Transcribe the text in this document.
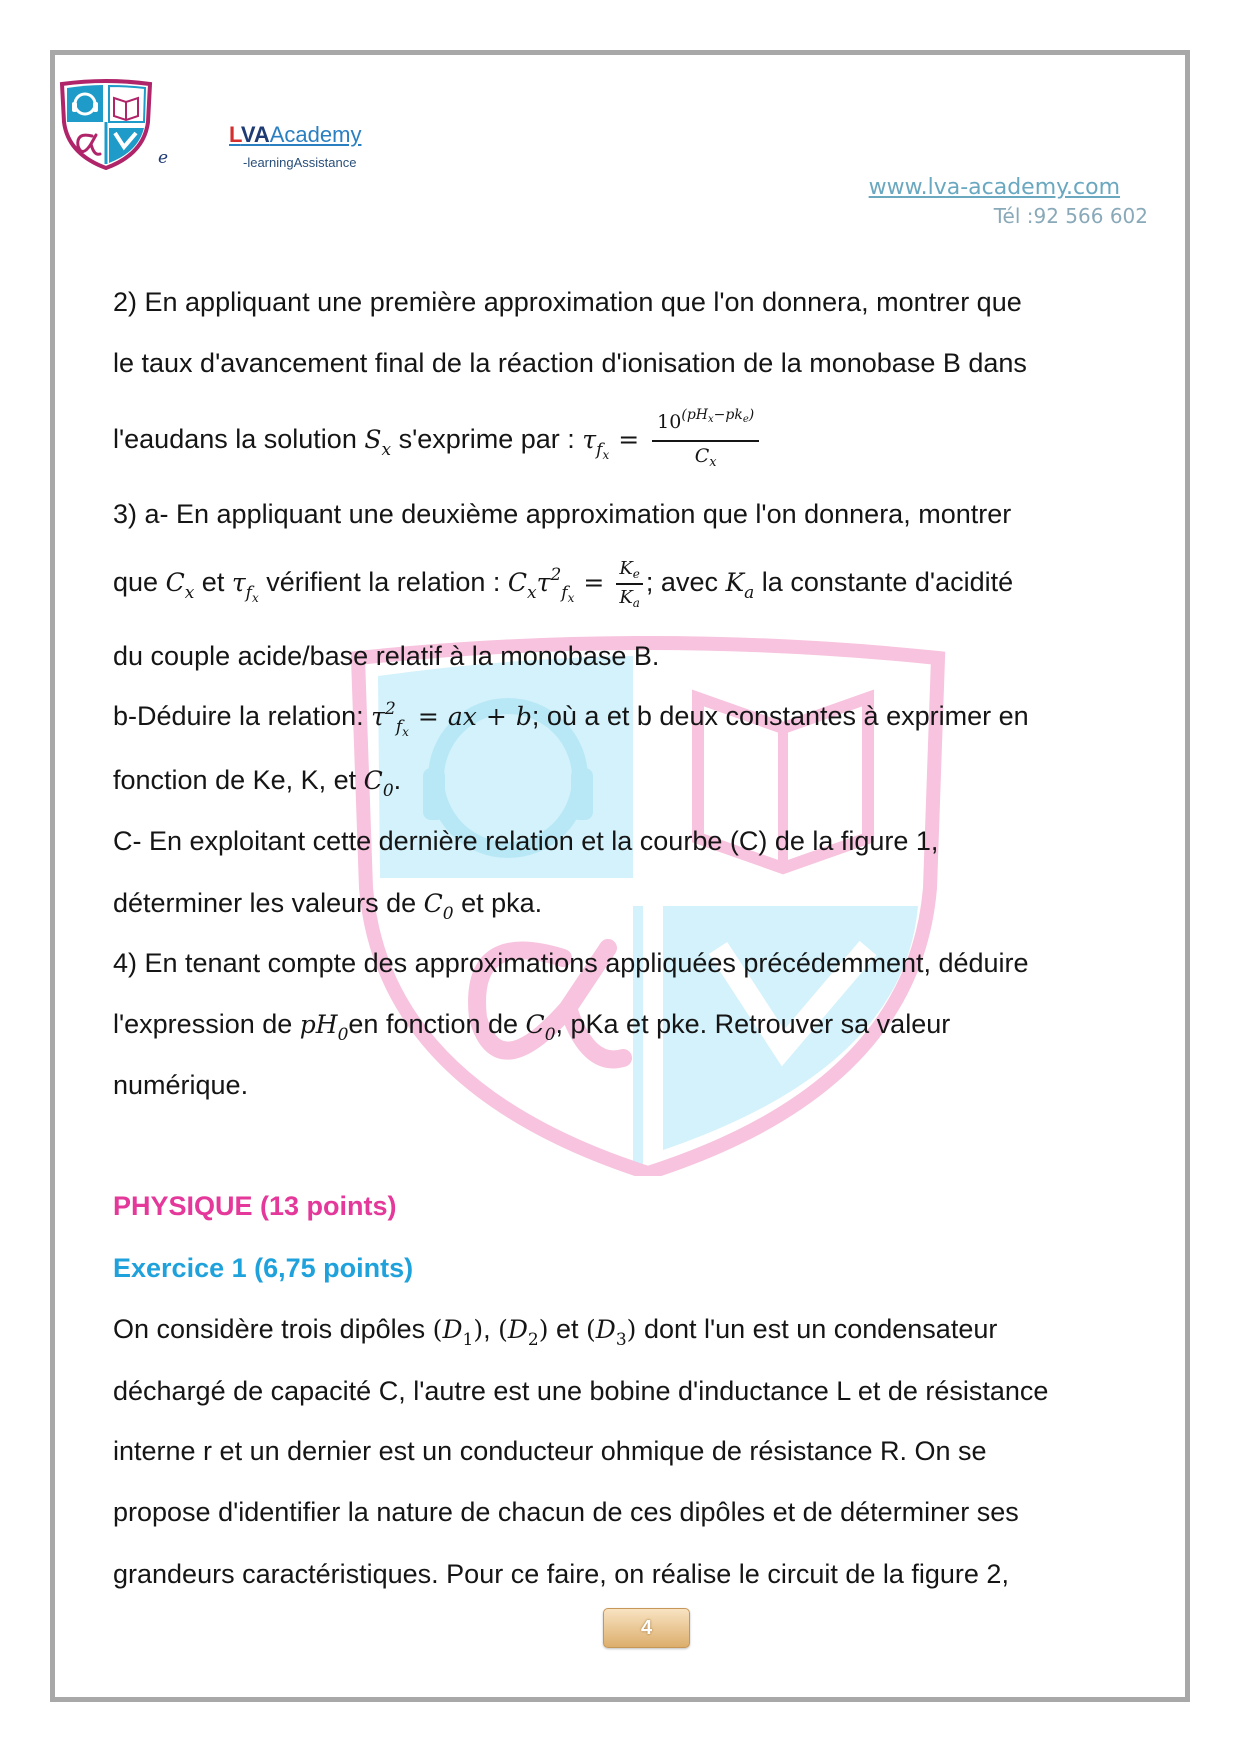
e
LVAAcademy
-learningAssistance
www.lva-academy.com
Tél :92 566 602
2) En appliquant une première approximation que l'on donnera, montrer que
le taux d'avancement final de la réaction d'ionisation de la monobase B dans
l'eaudans la solution $S_x$ s'exprime par : $\tau_{f_x}= \frac{10^{(pH_x-pk_e)}}{C_x}$
3) a- En appliquant une deuxième approximation que l'on donnera, montrer
que $C_x$ et $\tau_{f_x}$ vérifient la relation : $C_x\tau^2_{f_x}= \frac{K_e}{K_a}$ ; avec $K_a$ la constante d'acidité
du couple acide/base relatif à la monobase B.
b-Déduire la relation: $\tau^2_{f_x}=$ ax + b; où a et b deux constantes à exprimer en
fonction de Ke, K, et $C_0$.
C- En exploitant cette dernière relation et la courbe (C) de la figure 1,
déterminer les valeurs de $C_0$ et pka.
4) En tenant compte des approximations appliquées précédemment, déduire
l'expression de $pH_0en$ fonction de $C_0$, pKa et pke. Retrouver sa valeur
numérique.
PHYSIQUE (13 points)
Exercice 1 (6,75 points)
On considère trois dipôles $(D_1)$, $(D_2)$ et $(D_3)$ dont l'un est un condensateur
déchargé de capacité C, l'autre est une bobine d'inductance L et de résistance
interne r et un dernier est un conducteur ohmique de résistance R. On se
propose d'identifier la nature de chacun de ces dipôles et de déterminer ses
grandeurs caractéristiques. Pour ce faire, on réalise le circuit de la figure 2,
4
